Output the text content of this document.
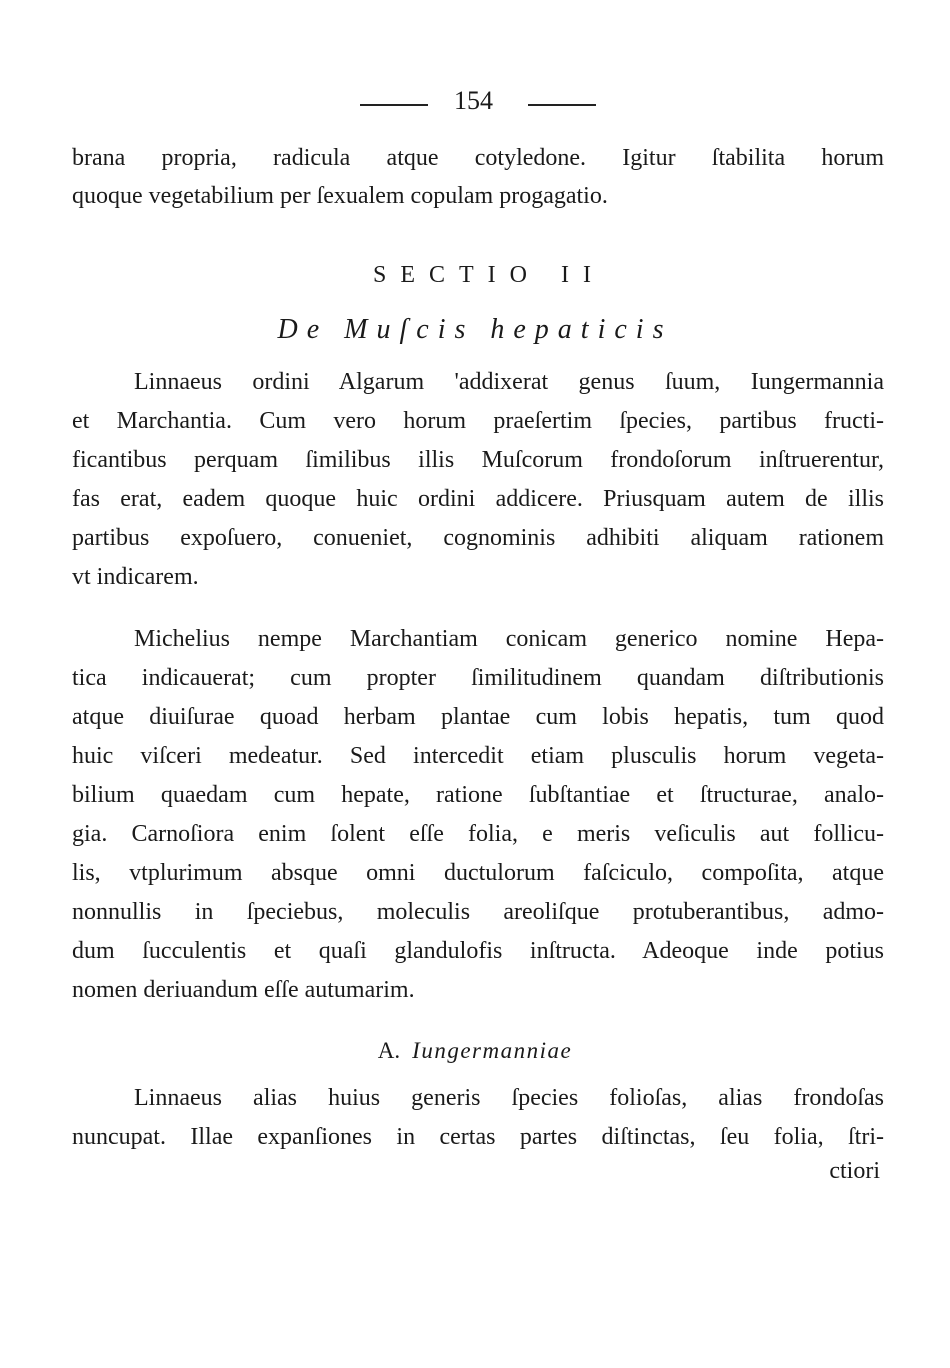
154
brana propria, radicula atque cotyledone. Igitur ſtabilita horum
quoque vegetabilium per ſexualem copulam progagatio.
SECTIO II
De Muſcis hepaticis
Linnaeus ordini Algarum 'addixerat genus ſuum, Iungermannia
et Marchantia. Cum vero horum praeſertim ſpecies, partibus fructi-
ficantibus perquam ſimilibus illis Muſcorum frondoſorum inſtruerentur,
fas erat, eadem quoque huic ordini addicere. Priusquam autem de illis
partibus expoſuero, conueniet, cognominis adhibiti aliquam rationem
vt indicarem.
Michelius nempe Marchantiam conicam generico nomine Hepa-
tica indicauerat; cum propter ſimilitudinem quandam diſtributionis
atque diuiſurae quoad herbam plantae cum lobis hepatis, tum quod
huic viſceri medeatur. Sed intercedit etiam plusculis horum vegeta-
bilium quaedam cum hepate, ratione ſubſtantiae et ſtructurae, analo-
gia. Carnoſiora enim ſolent eſſe folia, e meris veſiculis aut follicu-
lis, vtplurimum absque omni ductulorum faſciculo, compoſita, atque
nonnullis in ſpeciebus, moleculis areoliſque protuberantibus, admo-
dum ſucculentis et quaſi glandulofis inſtructa. Adeoque inde potius
nomen deriuandum eſſe autumarim.
A. Iungermanniae
Linnaeus alias huius generis ſpecies folioſas, alias frondoſas
nuncupat. Illae expanſiones in certas partes diſtinctas, ſeu folia, ſtri-
ctiori
